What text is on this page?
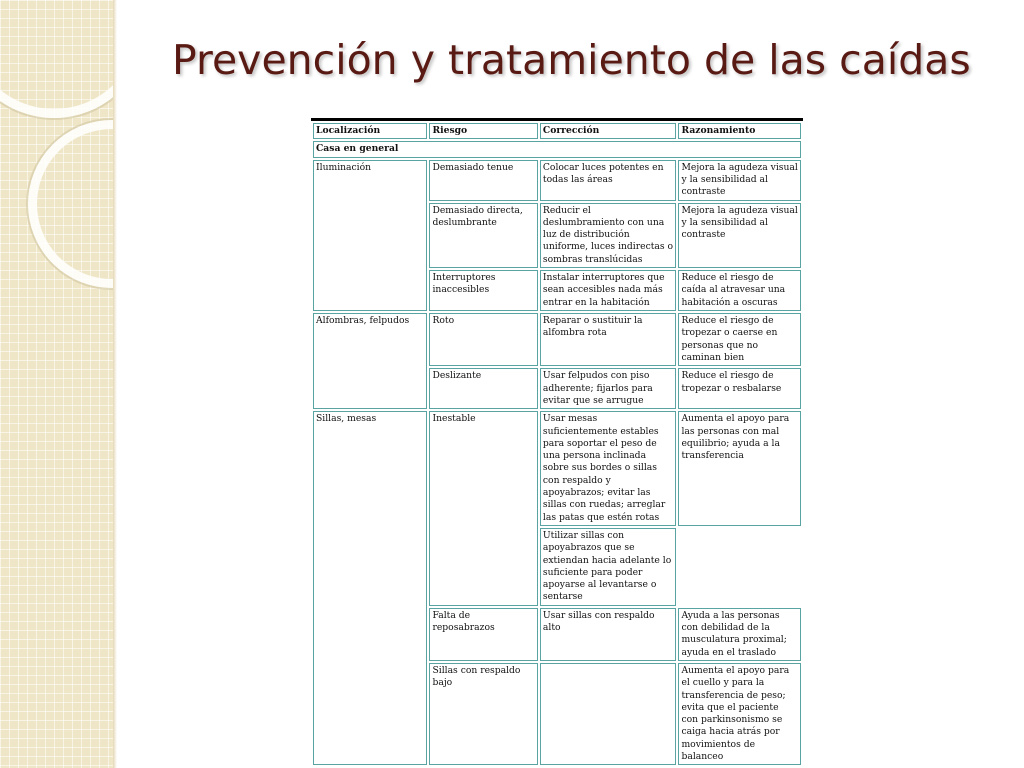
Prevención y tratamiento de las caídas
Localización	Riesgo	Corrección	Razonamiento
Casa en general			
Iluminación	Demasiado tenue	Colocar luces potentes en todas las áreas	Mejora la agudeza visual y la sensibilidad al contraste
	Demasiado directa, deslumbrante	Reducir el deslumbramiento con una luz de distribución uniforme, luces indirectas o sombras translúcidas	Mejora la agudeza visual y la sensibilidad al contraste
	Interruptores inaccesibles	Instalar interruptores que sean accesibles nada más entrar en la habitación	Reduce el riesgo de caída al atravesar una habitación a oscuras
Alfombras, felpudos	Roto	Reparar o sustituir la alfombra rota	Reduce el riesgo de tropezar o caerse en personas que no caminan bien
	Deslizante	Usar felpudos con piso adherente; fijarlos para evitar que se arrugue	Reduce el riesgo de tropezar o resbalarse
Sillas, mesas	Inestable	Usar mesas suficientemente estables para soportar el peso de una persona inclinada sobre sus bordes o sillas con respaldo y apoyabrazos; evitar las sillas con ruedas; arreglar las patas que estén rotas	Aumenta el apoyo para las personas con mal equilibrio; ayuda a la transferencia
		Utilizar sillas con apoyabrazos que se extiendan hacia adelante lo suficiente para poder apoyarse al levantarse o sentarse	
	Falta de reposabrazos	Usar sillas con respaldo alto	Ayuda a las personas con debilidad de la musculatura proximal; ayuda en el traslado
	Sillas con respaldo bajo		Aumenta el apoyo para el cuello y para la transferencia de peso; evita que el paciente con parkinsonismo se caiga hacia atrás por movimientos de balanceo
